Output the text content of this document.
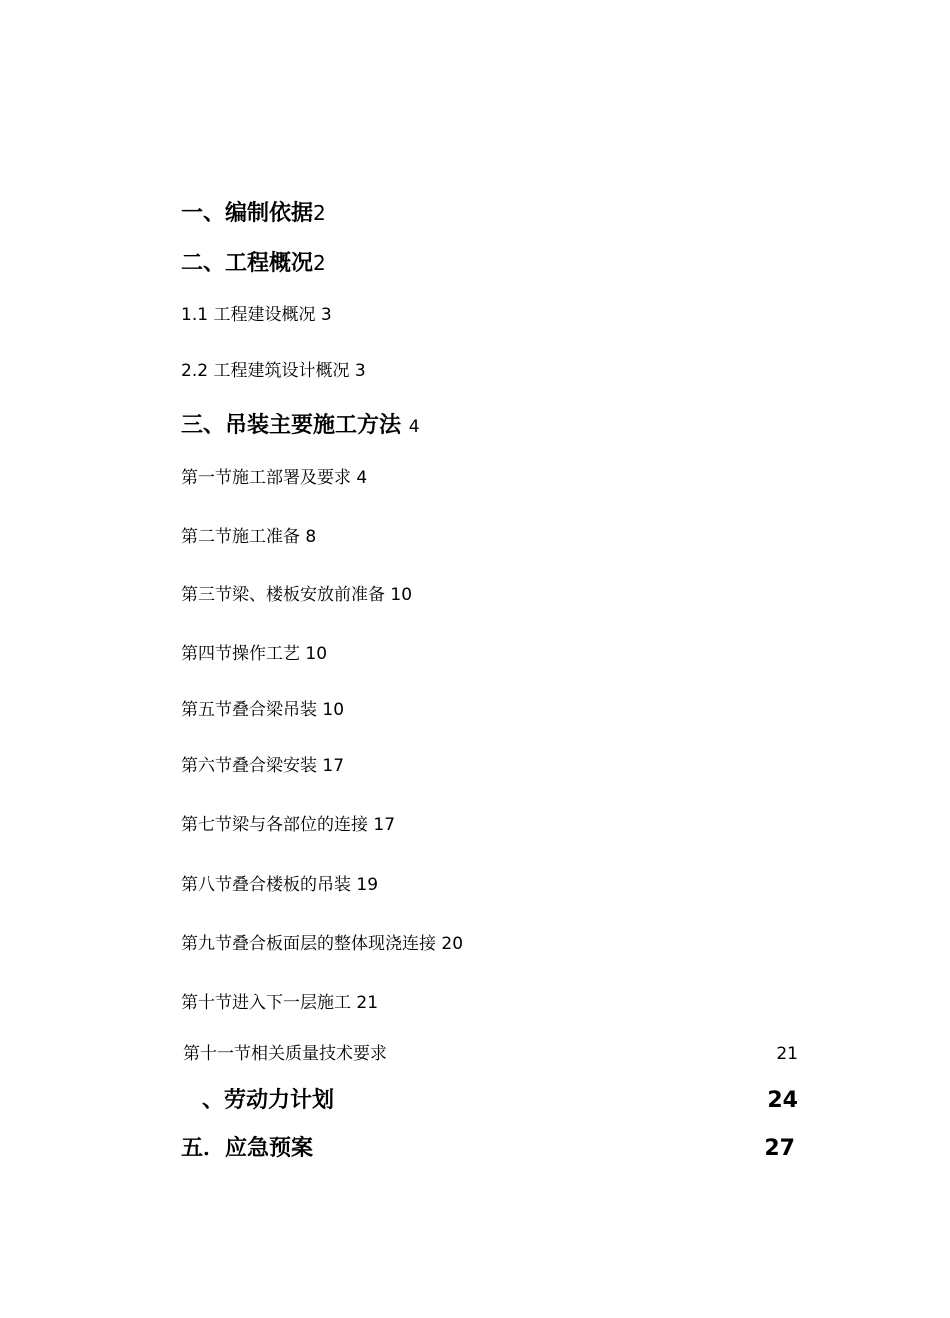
一、编制依据2
二、工程概况2
1.1 工程建设概况 3
2.2 工程建筑设计概况 3
三、吊装主要施工方法 4
第一节施工部署及要求 4
第二节施工准备 8
第三节梁、楼板安放前准备 10
第四节操作工艺 10
第五节叠合梁吊装 10
第六节叠合梁安装 17
第七节梁与各部位的连接 17
第八节叠合楼板的吊装 19
第九节叠合板面层的整体现浇连接 20
第十节进入下一层施工 21
第十一节相关质量技术要求	21
、劳动力计划	24
五．应急预案	27
